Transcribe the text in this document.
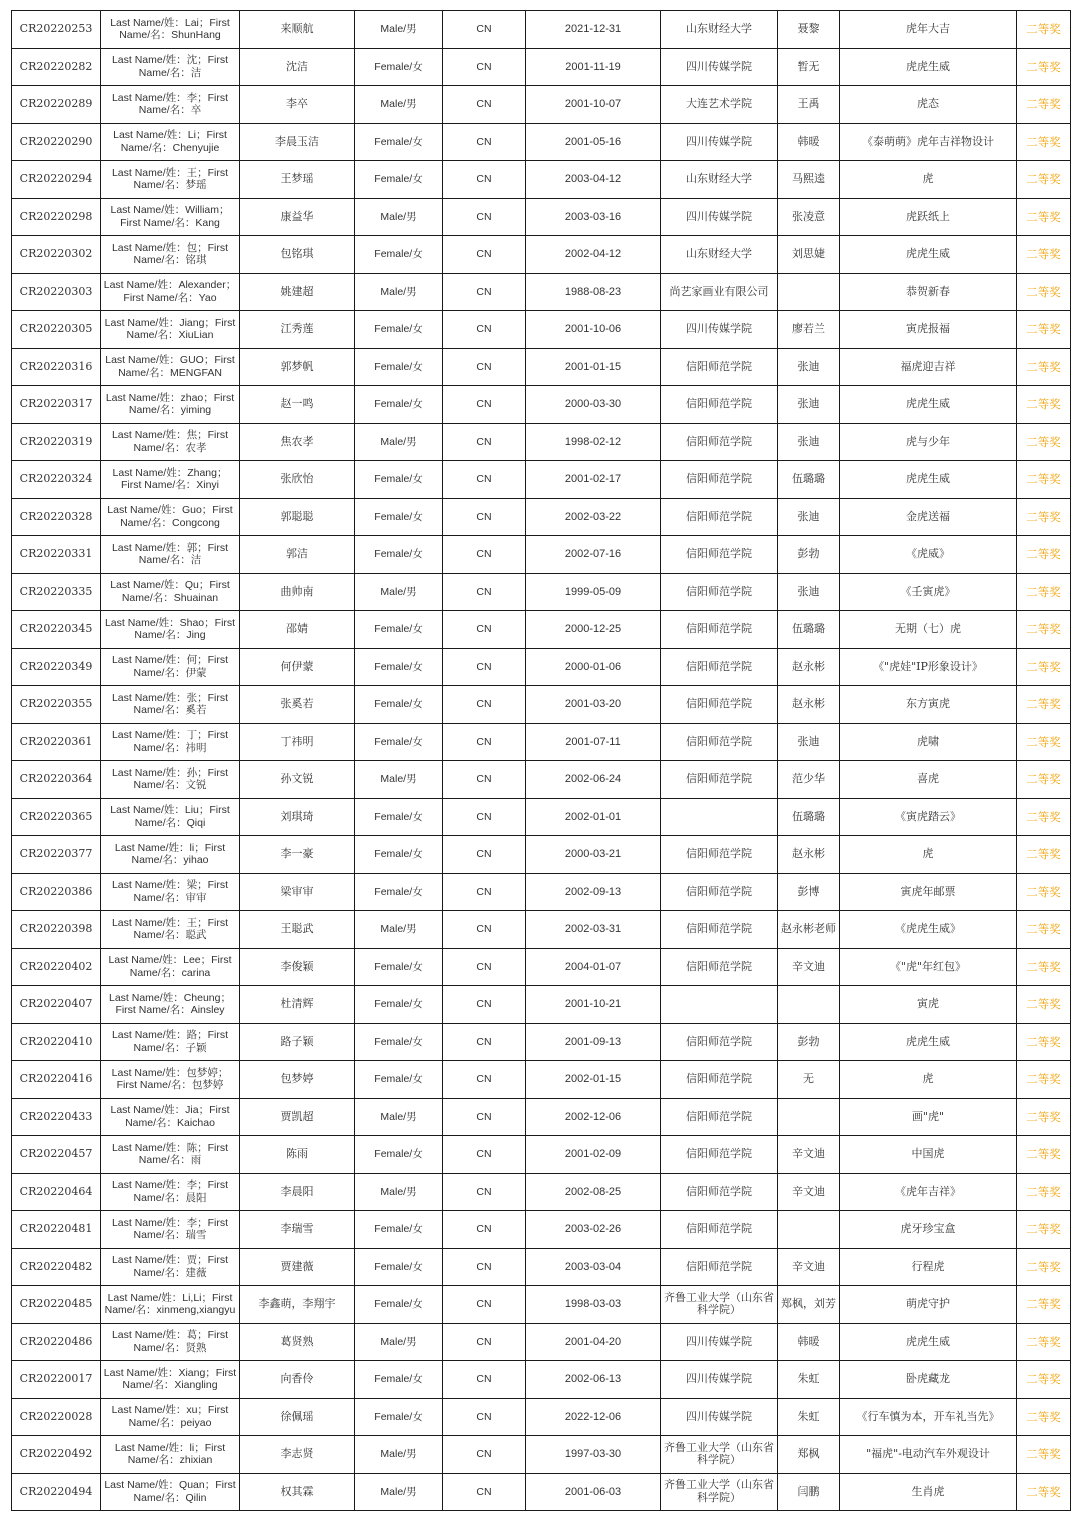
CR20220253	Last Name/姓：Lai；First Name/名：ShunHang	来顺航	Male/男	CN	2021-12-31	山东财经大学	聂黎	虎年大吉	二等奖
CR20220282	Last Name/姓：沈；First Name/名：洁	沈洁	Female/女	CN	2001-11-19	四川传媒学院	暂无	虎虎生威	二等奖
CR20220289	Last Name/姓：李；First Name/名：卒	李卒	Male/男	CN	2001-10-07	大连艺术学院	王禹	虎态	二等奖
CR20220290	Last Name/姓：Li；First Name/名：Chenyujie	李晨玉洁	Female/女	CN	2001-05-16	四川传媒学院	韩暖	《泰萌萌》虎年吉祥物设计	二等奖
CR20220294	Last Name/姓：王；First Name/名：梦瑶	王梦瑶	Female/女	CN	2003-04-12	山东财经大学	马熙逵	虎	二等奖
CR20220298	Last Name/姓：William；First Name/名：Kang	康益华	Male/男	CN	2003-03-16	四川传媒学院	张凌意	虎跃纸上	二等奖
CR20220302	Last Name/姓：包；First Name/名：铭琪	包铭琪	Female/女	CN	2002-04-12	山东财经大学	刘思婕	虎虎生威	二等奖
CR20220303	Last Name/姓：Alexander；First Name/名：Yao	姚建超	Male/男	CN	1988-08-23	尚艺家画业有限公司		恭贺新春	二等奖
CR20220305	Last Name/姓：Jiang；First Name/名：XiuLian	江秀莲	Female/女	CN	2001-10-06	四川传媒学院	廖若兰	寅虎报福	二等奖
CR20220316	Last Name/姓：GUO；First Name/名：MENGFAN	郭梦帆	Female/女	CN	2001-01-15	信阳师范学院	张迪	福虎迎吉祥	二等奖
CR20220317	Last Name/姓：zhao；First Name/名：yiming	赵一鸣	Female/女	CN	2000-03-30	信阳师范学院	张迪	虎虎生威	二等奖
CR20220319	Last Name/姓：焦；First Name/名：农孝	焦农孝	Male/男	CN	1998-02-12	信阳师范学院	张迪	虎与少年	二等奖
CR20220324	Last Name/姓：Zhang；First Name/名：Xinyi	张欣怡	Female/女	CN	2001-02-17	信阳师范学院	伍璐璐	虎虎生威	二等奖
CR20220328	Last Name/姓：Guo；First Name/名：Congcong	郭聪聪	Female/女	CN	2002-03-22	信阳师范学院	张迪	金虎送福	二等奖
CR20220331	Last Name/姓：郭；First Name/名：洁	郭洁	Female/女	CN	2002-07-16	信阳师范学院	彭勃	《虎威》	二等奖
CR20220335	Last Name/姓：Qu；First Name/名：Shuainan	曲帅南	Male/男	CN	1999-05-09	信阳师范学院	张迪	《壬寅虎》	二等奖
CR20220345	Last Name/姓：Shao；First Name/名：Jing	邵婧	Female/女	CN	2000-12-25	信阳师范学院	伍璐璐	无期（七）虎	二等奖
CR20220349	Last Name/姓：何；First Name/名：伊蒙	何伊蒙	Female/女	CN	2000-01-06	信阳师范学院	赵永彬	《"虎娃"IP形象设计》	二等奖
CR20220355	Last Name/姓：张；First Name/名：奚若	张奚若	Female/女	CN	2001-03-20	信阳师范学院	赵永彬	东方寅虎	二等奖
CR20220361	Last Name/姓：丁；First Name/名：祎明	丁祎明	Female/女	CN	2001-07-11	信阳师范学院	张迪	虎啸	二等奖
CR20220364	Last Name/姓：孙；First Name/名：文锐	孙文锐	Male/男	CN	2002-06-24	信阳师范学院	范少华	喜虎	二等奖
CR20220365	Last Name/姓：Liu；First Name/名：Qiqi	刘琪琦	Female/女	CN	2002-01-01		伍璐璐	《寅虎踏云》	二等奖
CR20220377	Last Name/姓：li；First Name/名：yihao	李一豪	Female/女	CN	2000-03-21	信阳师范学院	赵永彬	虎	二等奖
CR20220386	Last Name/姓：梁；First Name/名：审审	梁审审	Female/女	CN	2002-09-13	信阳师范学院	彭博	寅虎年邮票	二等奖
CR20220398	Last Name/姓：王；First Name/名：聪武	王聪武	Male/男	CN	2002-03-31	信阳师范学院	赵永彬老师	《虎虎生威》	二等奖
CR20220402	Last Name/姓：Lee；First Name/名：carina	李俊颖	Female/女	CN	2004-01-07	信阳师范学院	辛文迪	《"虎"年红包》	二等奖
CR20220407	Last Name/姓：Cheung；First Name/名：Ainsley	杜清辉	Female/女	CN	2001-10-21			寅虎	二等奖
CR20220410	Last Name/姓：路；First Name/名：子颖	路子颖	Female/女	CN	2001-09-13	信阳师范学院	彭勃	虎虎生威	二等奖
CR20220416	Last Name/姓：包梦婷；First Name/名：包梦婷	包梦婷	Female/女	CN	2002-01-15	信阳师范学院	无	虎	二等奖
CR20220433	Last Name/姓：Jia；First Name/名：Kaichao	贾凯超	Male/男	CN	2002-12-06	信阳师范学院		画"虎"	二等奖
CR20220457	Last Name/姓：陈；First Name/名：雨	陈雨	Female/女	CN	2001-02-09	信阳师范学院	辛文迪	中国虎	二等奖
CR20220464	Last Name/姓：李；First Name/名：晨阳	李晨阳	Male/男	CN	2002-08-25	信阳师范学院	辛文迪	《虎年吉祥》	二等奖
CR20220481	Last Name/姓：李；First Name/名：瑞雪	李瑞雪	Female/女	CN	2003-02-26	信阳师范学院		虎牙珍宝盒	二等奖
CR20220482	Last Name/姓：贾；First Name/名：建薇	贾建薇	Female/女	CN	2003-03-04	信阳师范学院	辛文迪	行程虎	二等奖
CR20220485	Last Name/姓：Li,Li；First Name/名：xinmeng,xiangyu	李鑫萌，李翔宇	Female/女	CN	1998-03-03	齐鲁工业大学（山东省科学院）	郑枫，刘芳	萌虎守护	二等奖
CR20220486	Last Name/姓：葛；First Name/名：贤熟	葛贤熟	Male/男	CN	2001-04-20	四川传媒学院	韩暖	虎虎生威	二等奖
CR20220017	Last Name/姓：Xiang；First Name/名：Xiangling	向香伶	Female/女	CN	2002-06-13	四川传媒学院	朱虹	卧虎藏龙	二等奖
CR20220028	Last Name/姓：xu；First Name/名：peiyao	徐佩瑶	Female/女	CN	2022-12-06	四川传媒学院	朱虹	《行车慎为本，开车礼当先》	二等奖
CR20220492	Last Name/姓：li；First Name/名：zhixian	李志贤	Male/男	CN	1997-03-30	齐鲁工业大学（山东省科学院）	郑枫	"福虎"-电动汽车外观设计	二等奖
CR20220494	Last Name/姓：Quan；First Name/名：Qilin	权其霖	Male/男	CN	2001-06-03	齐鲁工业大学（山东省科学院）	闫鹏	生肖虎	二等奖
